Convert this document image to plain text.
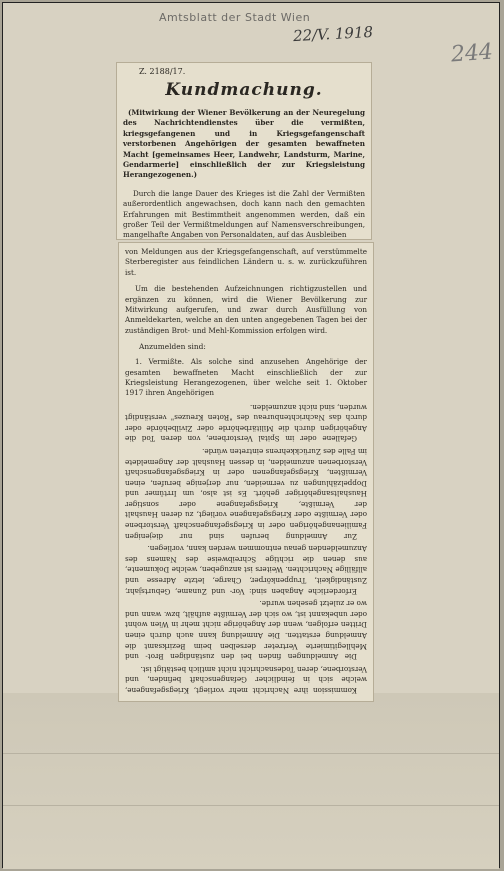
Amtsblatt der Stadt Wien
22/V. 1918
244
Z. 2188/17.
Kundmachung.
(Mitwirkung der Wiener Bevölkerung an der Neuregelung des Nachrichtendienstes über die vermißten, kriegsgefangenen und in Kriegsgefangenschaft verstorbenen Angehörigen der gesamten bewaffneten Macht [gemeinsames Heer, Landwehr, Landsturm, Marine, Gendarmerie] einschließlich der zur Kriegsleistung Herangezogenen.)

Durch die lange Dauer des Krieges ist die Zahl der Vermißten außerordentlich angewachsen, doch kann nach den gemachten Erfahrungen mit Bestimmtheit angenommen werden, daß ein großer Teil der Vermißtmeldungen auf Namensverschreibungen, mangelhafte Angaben von Personaldaten, auf das Ausbleiben

von Meldungen aus der Kriegsgefangenschaft, auf verstümmelte Sterberegister aus feindlichen Ländern u. s. w. zurückzuführen ist.

Um die bestehenden Aufzeichnungen richtigzustellen und ergänzen zu können, wird die Wiener Bevölkerung zur Mitwirkung aufgerufen, und zwar durch Ausfüllung von Anmeldekarten, welche an den unten angegebenen Tagen bei der zuständigen Brot- und Mehl-Kommission erfolgen wird.

Anzumelden sind:

1. Vermißte. Als solche sind anzusehen Angehörige der gesamten bewaffneten Macht einschließlich der zur Kriegsleistung Herangezogenen, über welche seit 1. Oktober 1917 ihren Angehörigen

Kommission ihre Nachricht mehr vorliegt, Kriegsgefangene, welche sich in feindlicher Gefangenschaft befinden, und Verstorbene, deren Todesnachricht nicht amtlich bestätigt ist.

Die Anmeldungen finden bei den zuständigen Brot- und Mehllegitimierte Vertreter derselben beim Bezirksamt die Anmeldung erstatten. Die Anmeldung kann auch durch einen Dritten erfolgen, wenn der Angehörige nicht mehr in Wien wohnt oder unbekannt ist, wo sich der Vermißte aufhält, bzw. wann und wo er zuletzt gesehen wurde.

Erforderliche Angaben sind: Vor- und Zuname, Geburtsjahr, Zuständigkeit, Truppenkörper, Charge, letzte Adresse und allfällige Nachrichten. Weiters ist anzugeben, welche Dokumente, aus denen die richtige Schreibweise des Namens des Anzumeldenden genau entnommen werden kann, vorliegen.

Zur Anmeldung berufen sind nur diejenigen Familienangehörigen oder in Kriegsgefangenschaft Verstorbene oder Vermißte oder Kriegsgefangene vorliegt, zu deren Haushalt der Vermißte, Kriegsgefangene oder sonstiger Haushaltsangehöriger gehört. Es ist also, um Irrtümer und Doppelzählungen zu vermeiden, nur derjenige berufen, einen Vermißten, Kriegsgefangenen oder in Kriegsgefangenschaft Verstorbenen anzumelden, in dessen Haushalt der Angemeldete im Falle des Zurückkehrens eintreten würde.

Gefallene oder im Spital Verstorbene, von deren Tod die Angehörigen durch die Militärbehörde oder Zivilbehörde oder durch das Nachrichtenbureau des "Roten Kreuzes" verständigt wurden, sind nicht anzumelden.
